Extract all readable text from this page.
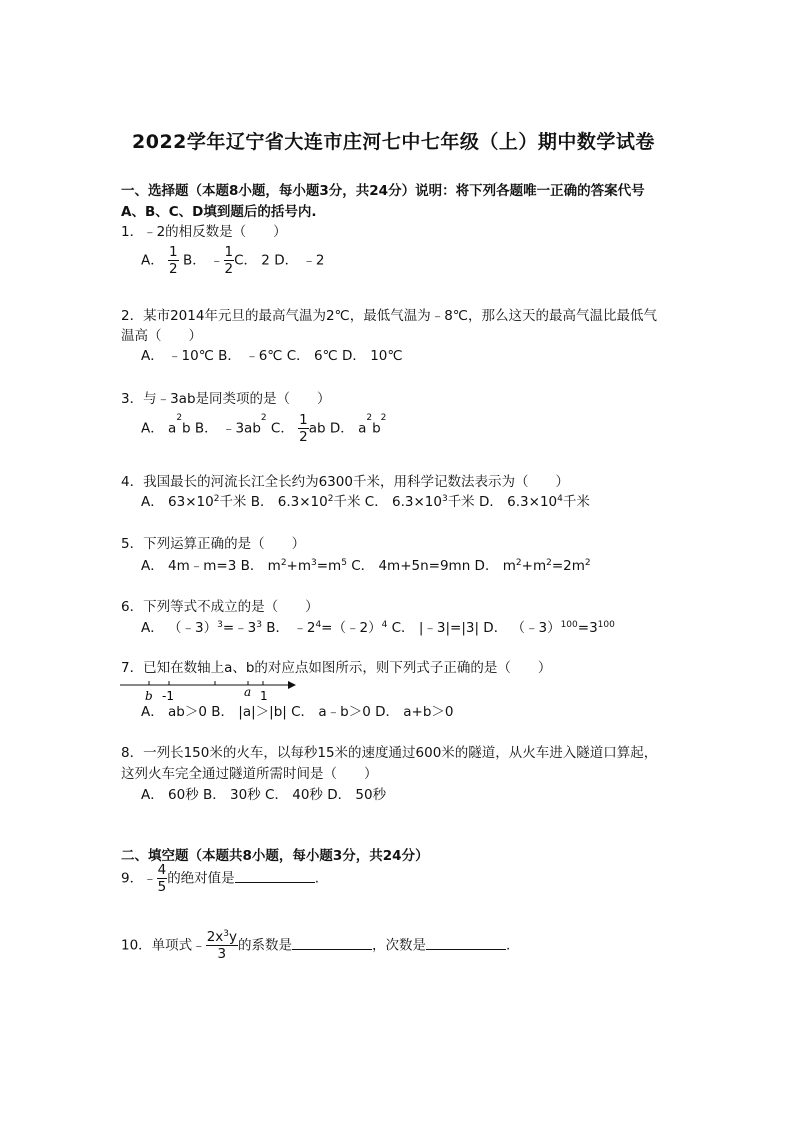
2022学年辽宁省大连市庄河七中七年级（上）期中数学试卷
一、选择题（本题8小题，每小题3分，共24分）说明：将下列各题唯一正确的答案代号
A、B、C、D填到题后的括号内.
1．﹣2的相反数是（　　）
A． $\frac{1}{2}$ B． ﹣ $\frac{1}{2}$ C． 2 D． ﹣2
2．某市2014年元旦的最高气温为2℃，最低气温为﹣8℃，那么这天的最高气温比最低气
温高（　　）
A． ﹣10℃ B． ﹣6℃ C． 6℃ D． 10℃
3．与﹣3ab是同类项的是（　　）
A． $a^2b$ B． $﹣3ab^2$ C． $\frac{1}{2}$ ab D． $a^2b^2$
4．我国最长的河流长江全长约为6300千米，用科学记数法表示为（　　）
A． $63\times 10^2$千米 B． $6.3\times 10^2$千米 C． $6.3\times 10^3$千米 D． $6.3\times 10^4$千米
5．下列运算正确的是（　　）
A． 4m﹣m=3 B． $m^2+m^3=m^5$ C． 4m+5n=9mn D． $m^2+m^2=2m^2$
6．下列等式不成立的是（　　）
A． $(﹣3)^3=﹣3^3$ B． $﹣2^4=(﹣2)^4$ C． |﹣3|=|3| D． $(﹣3)^{100}=3^{100}$
7．已知在数轴上a、b的对应点如图所示，则下列式子正确的是（　　）
b -1	a 1
A． ab＞0 B． |a|＞|b| C． a﹣b＞0 D． a+b＞0
8．一列长150米的火车，以每秒15米的速度通过600米的隧道，从火车进入隧道口算起，
这列火车完全通过隧道所需时间是（　　）
A． 60秒 B． 30秒 C． 40秒 D． 50秒
二、填空题（本题共8小题，每小题3分，共24分）
9．﹣ $\frac{4}{5}$ 的绝对值是	.
10．单项式﹣ $\frac{2x^3y}{3}$ 的系数是	，次数是	.
